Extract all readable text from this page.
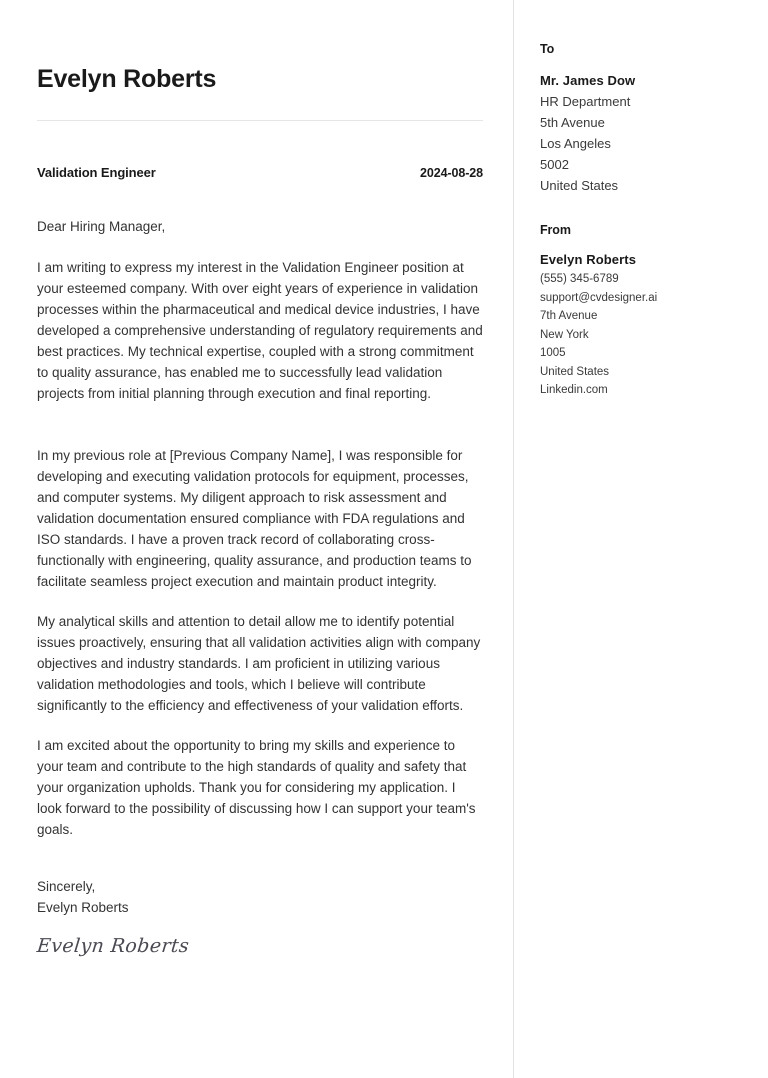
Evelyn Roberts
Validation Engineer	2024-08-28
Dear Hiring Manager,

I am writing to express my interest in the Validation Engineer position at your esteemed company. With over eight years of experience in validation processes within the pharmaceutical and medical device industries, I have developed a comprehensive understanding of regulatory requirements and best practices. My technical expertise, coupled with a strong commitment to quality assurance, has enabled me to successfully lead validation projects from initial planning through execution and final reporting.

In my previous role at [Previous Company Name], I was responsible for developing and executing validation protocols for equipment, processes, and computer systems. My diligent approach to risk assessment and validation documentation ensured compliance with FDA regulations and ISO standards. I have a proven track record of collaborating cross-functionally with engineering, quality assurance, and production teams to facilitate seamless project execution and maintain product integrity.

My analytical skills and attention to detail allow me to identify potential issues proactively, ensuring that all validation activities align with company objectives and industry standards. I am proficient in utilizing various validation methodologies and tools, which I believe will contribute significantly to the efficiency and effectiveness of your validation efforts.

I am excited about the opportunity to bring my skills and experience to your team and contribute to the high standards of quality and safety that your organization upholds. Thank you for considering my application. I look forward to the possibility of discussing how I can support your team's goals.

Sincerely,
Evelyn Roberts
Evelyn Roberts
To
Mr. James Dow
HR Department
5th Avenue
Los Angeles
5002
United States
From
Evelyn Roberts
(555) 345-6789
support@cvdesigner.ai
7th Avenue
New York
1005
United States
Linkedin.com
